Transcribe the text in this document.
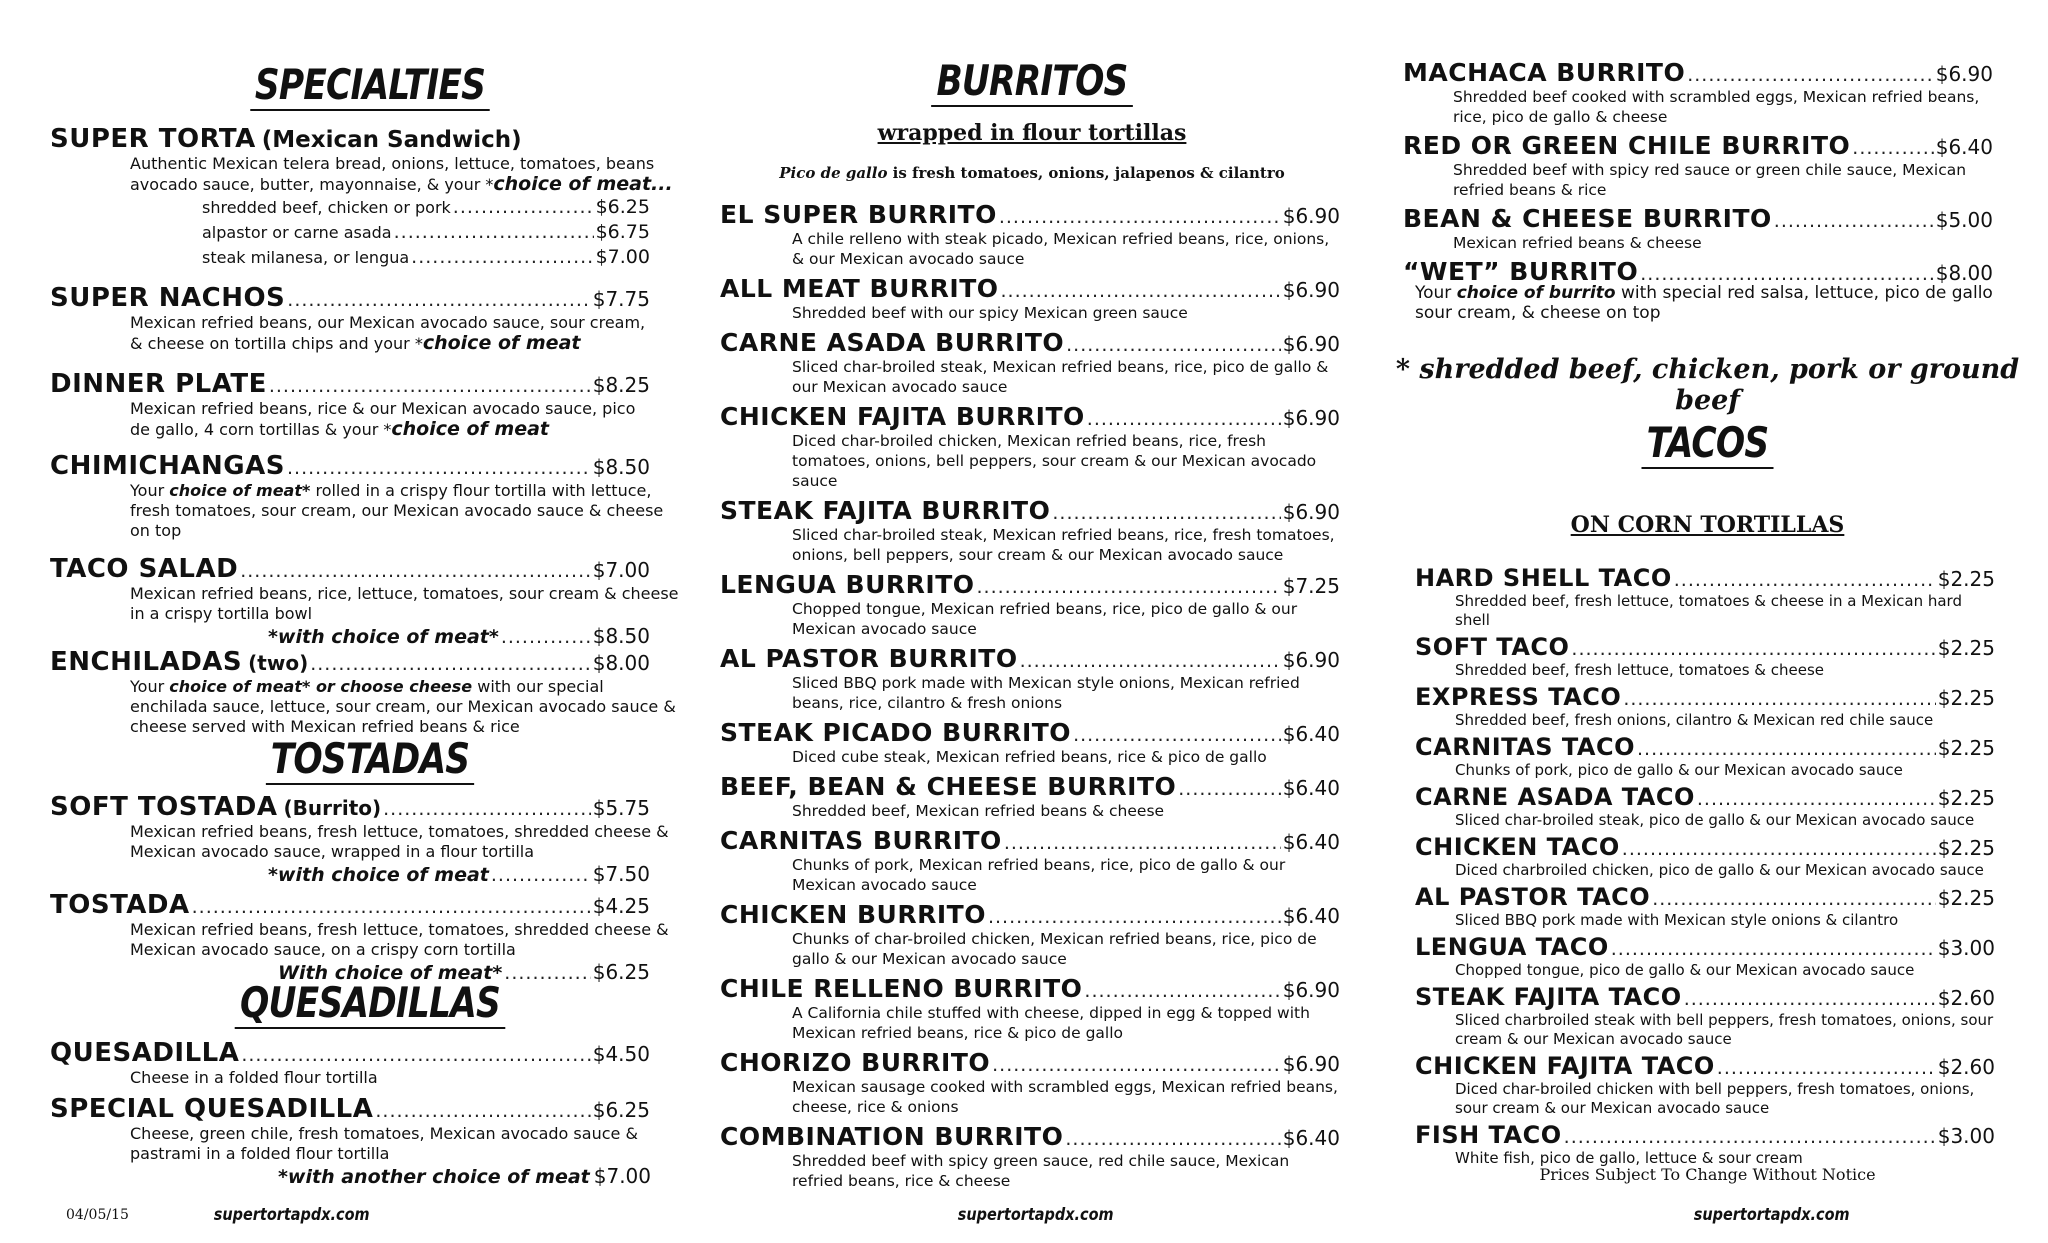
SPECIALTIES
SUPER TORTA (Mexican Sandwich)
Authentic Mexican telera bread, onions, lettuce, tomatoes, beans
avocado sauce, butter, mayonnaise, & your *choice of meat...
shredded beef, chicken or pork .....	$6.25
alpastor or carne asada .....	$6.75
steak milanesa, or lengua .....	$7.00
SUPER NACHOS .....	$7.75
Mexican refried beans, our Mexican avocado sauce, sour cream,
& cheese on tortilla chips and your *choice of meat
DINNER PLATE .....	$8.25
Mexican refried beans, rice & our Mexican avocado sauce, pico
de gallo, 4 corn tortillas & your *choice of meat
CHIMICHANGAS .....	$8.50
Your choice of meat* rolled in a crispy flour tortilla with lettuce, fresh tomatoes, sour cream, our Mexican avocado sauce & cheese on top
TACO SALAD .....	$7.00
Mexican refried beans, rice, lettuce, tomatoes, sour cream & cheese in a crispy tortilla bowl
*with choice of meat* .....	$8.50
ENCHILADAS (two) .....	$8.00
Your choice of meat* or choose cheese with our special enchilada sauce, lettuce, sour cream, our Mexican avocado sauce & cheese served with Mexican refried beans & rice
TOSTADAS
SOFT TOSTADA (Burrito) .....	$5.75
Mexican refried beans, fresh lettuce, tomatoes, shredded cheese & Mexican avocado sauce, wrapped in a flour tortilla
*with choice of meat .....	$7.50
TOSTADA .....	$4.25
Mexican refried beans, fresh lettuce, tomatoes, shredded cheese & Mexican avocado sauce, on a crispy corn tortilla
With choice of meat* .....	$6.25
QUESADILLAS
QUESADILLA .....	$4.50
Cheese in a folded flour tortilla
SPECIAL QUESADILLA .....	$6.25
Cheese, green chile, fresh tomatoes, Mexican avocado sauce & pastrami in a folded flour tortilla
*with another choice of meat $7.00
supertortapdx.com
04/05/15
BURRITOS
wrapped in flour tortillas
Pico de gallo is fresh tomatoes, onions, jalapenos & cilantro
EL SUPER BURRITO .....	$6.90
A chile relleno with steak picado, Mexican refried beans, rice, onions, & our Mexican avocado sauce
ALL MEAT BURRITO .....	$6.90
Shredded beef with our spicy Mexican green sauce
CARNE ASADA BURRITO .....	$6.90
Sliced char-broiled steak, Mexican refried beans, rice, pico de gallo & our Mexican avocado sauce
CHICKEN FAJITA BURRITO .....	$6.90
Diced char-broiled chicken, Mexican refried beans, rice, fresh tomatoes, onions, bell peppers, sour cream & our Mexican avocado sauce
STEAK FAJITA BURRITO .....	$6.90
Sliced char-broiled steak, Mexican refried beans, rice, fresh tomatoes, onions, bell peppers, sour cream & our Mexican avocado sauce
LENGUA BURRITO .....	$7.25
Chopped tongue, Mexican refried beans, rice, pico de gallo & our Mexican avocado sauce
AL PASTOR BURRITO .....	$6.90
Sliced BBQ pork made with Mexican style onions, Mexican refried beans, rice, cilantro & fresh onions
STEAK PICADO BURRITO .....	$6.40
Diced cube steak, Mexican refried beans, rice & pico de gallo
BEEF, BEAN & CHEESE BURRITO .....	$6.40
Shredded beef, Mexican refried beans & cheese
CARNITAS BURRITO .....	$6.40
Chunks of pork, Mexican refried beans, rice, pico de gallo & our Mexican avocado sauce
CHICKEN BURRITO .....	$6.40
Chunks of char-broiled chicken, Mexican refried beans, rice, pico de gallo & our Mexican avocado sauce
CHILE RELLENO BURRITO .....	$6.90
A California chile stuffed with cheese, dipped in egg & topped with Mexican refried beans, rice & pico de gallo
CHORIZO BURRITO .....	$6.90
Mexican sausage cooked with scrambled eggs, Mexican refried beans, cheese, rice & onions
COMBINATION BURRITO .....	$6.40
Shredded beef with spicy green sauce, red chile sauce, Mexican refried beans, rice & cheese
supertortapdx.com
MACHACA BURRITO .....	$6.90
Shredded beef cooked with scrambled eggs, Mexican refried beans, rice, pico de gallo & cheese
RED OR GREEN CHILE BURRITO .....	$6.40
Shredded beef with spicy red sauce or green chile sauce, Mexican refried beans & rice
BEAN & CHEESE BURRITO .....	$5.00
Mexican refried beans & cheese
“WET” BURRITO .....	$8.00
Your choice of burrito with special red salsa, lettuce, pico de gallo sour cream, & cheese on top
* shredded beef, chicken, pork or ground beef
TACOS
ON CORN TORTILLAS
HARD SHELL TACO .....	$2.25
Shredded beef, fresh lettuce, tomatoes & cheese in a Mexican hard shell
SOFT TACO .....	$2.25
Shredded beef, fresh lettuce, tomatoes & cheese
EXPRESS TACO .....	$2.25
Shredded beef, fresh onions, cilantro & Mexican red chile sauce
CARNITAS TACO .....	$2.25
Chunks of pork, pico de gallo & our Mexican avocado sauce
CARNE ASADA TACO .....	$2.25
Sliced char-broiled steak, pico de gallo & our Mexican avocado sauce
CHICKEN TACO .....	$2.25
Diced charbroiled chicken, pico de gallo & our Mexican avocado sauce
AL PASTOR TACO .....	$2.25
Sliced BBQ pork made with Mexican style onions & cilantro
LENGUA TACO .....	$3.00
Chopped tongue, pico de gallo & our Mexican avocado sauce
STEAK FAJITA TACO .....	$2.60
Sliced charbroiled steak with bell peppers, fresh tomatoes, onions, sour cream & our Mexican avocado sauce
CHICKEN FAJITA TACO .....	$2.60
Diced char-broiled chicken with bell peppers, fresh tomatoes, onions, sour cream & our Mexican avocado sauce
FISH TACO .....	$3.00
White fish, pico de gallo, lettuce & sour cream
Prices Subject To Change Without Notice
supertortapdx.com
